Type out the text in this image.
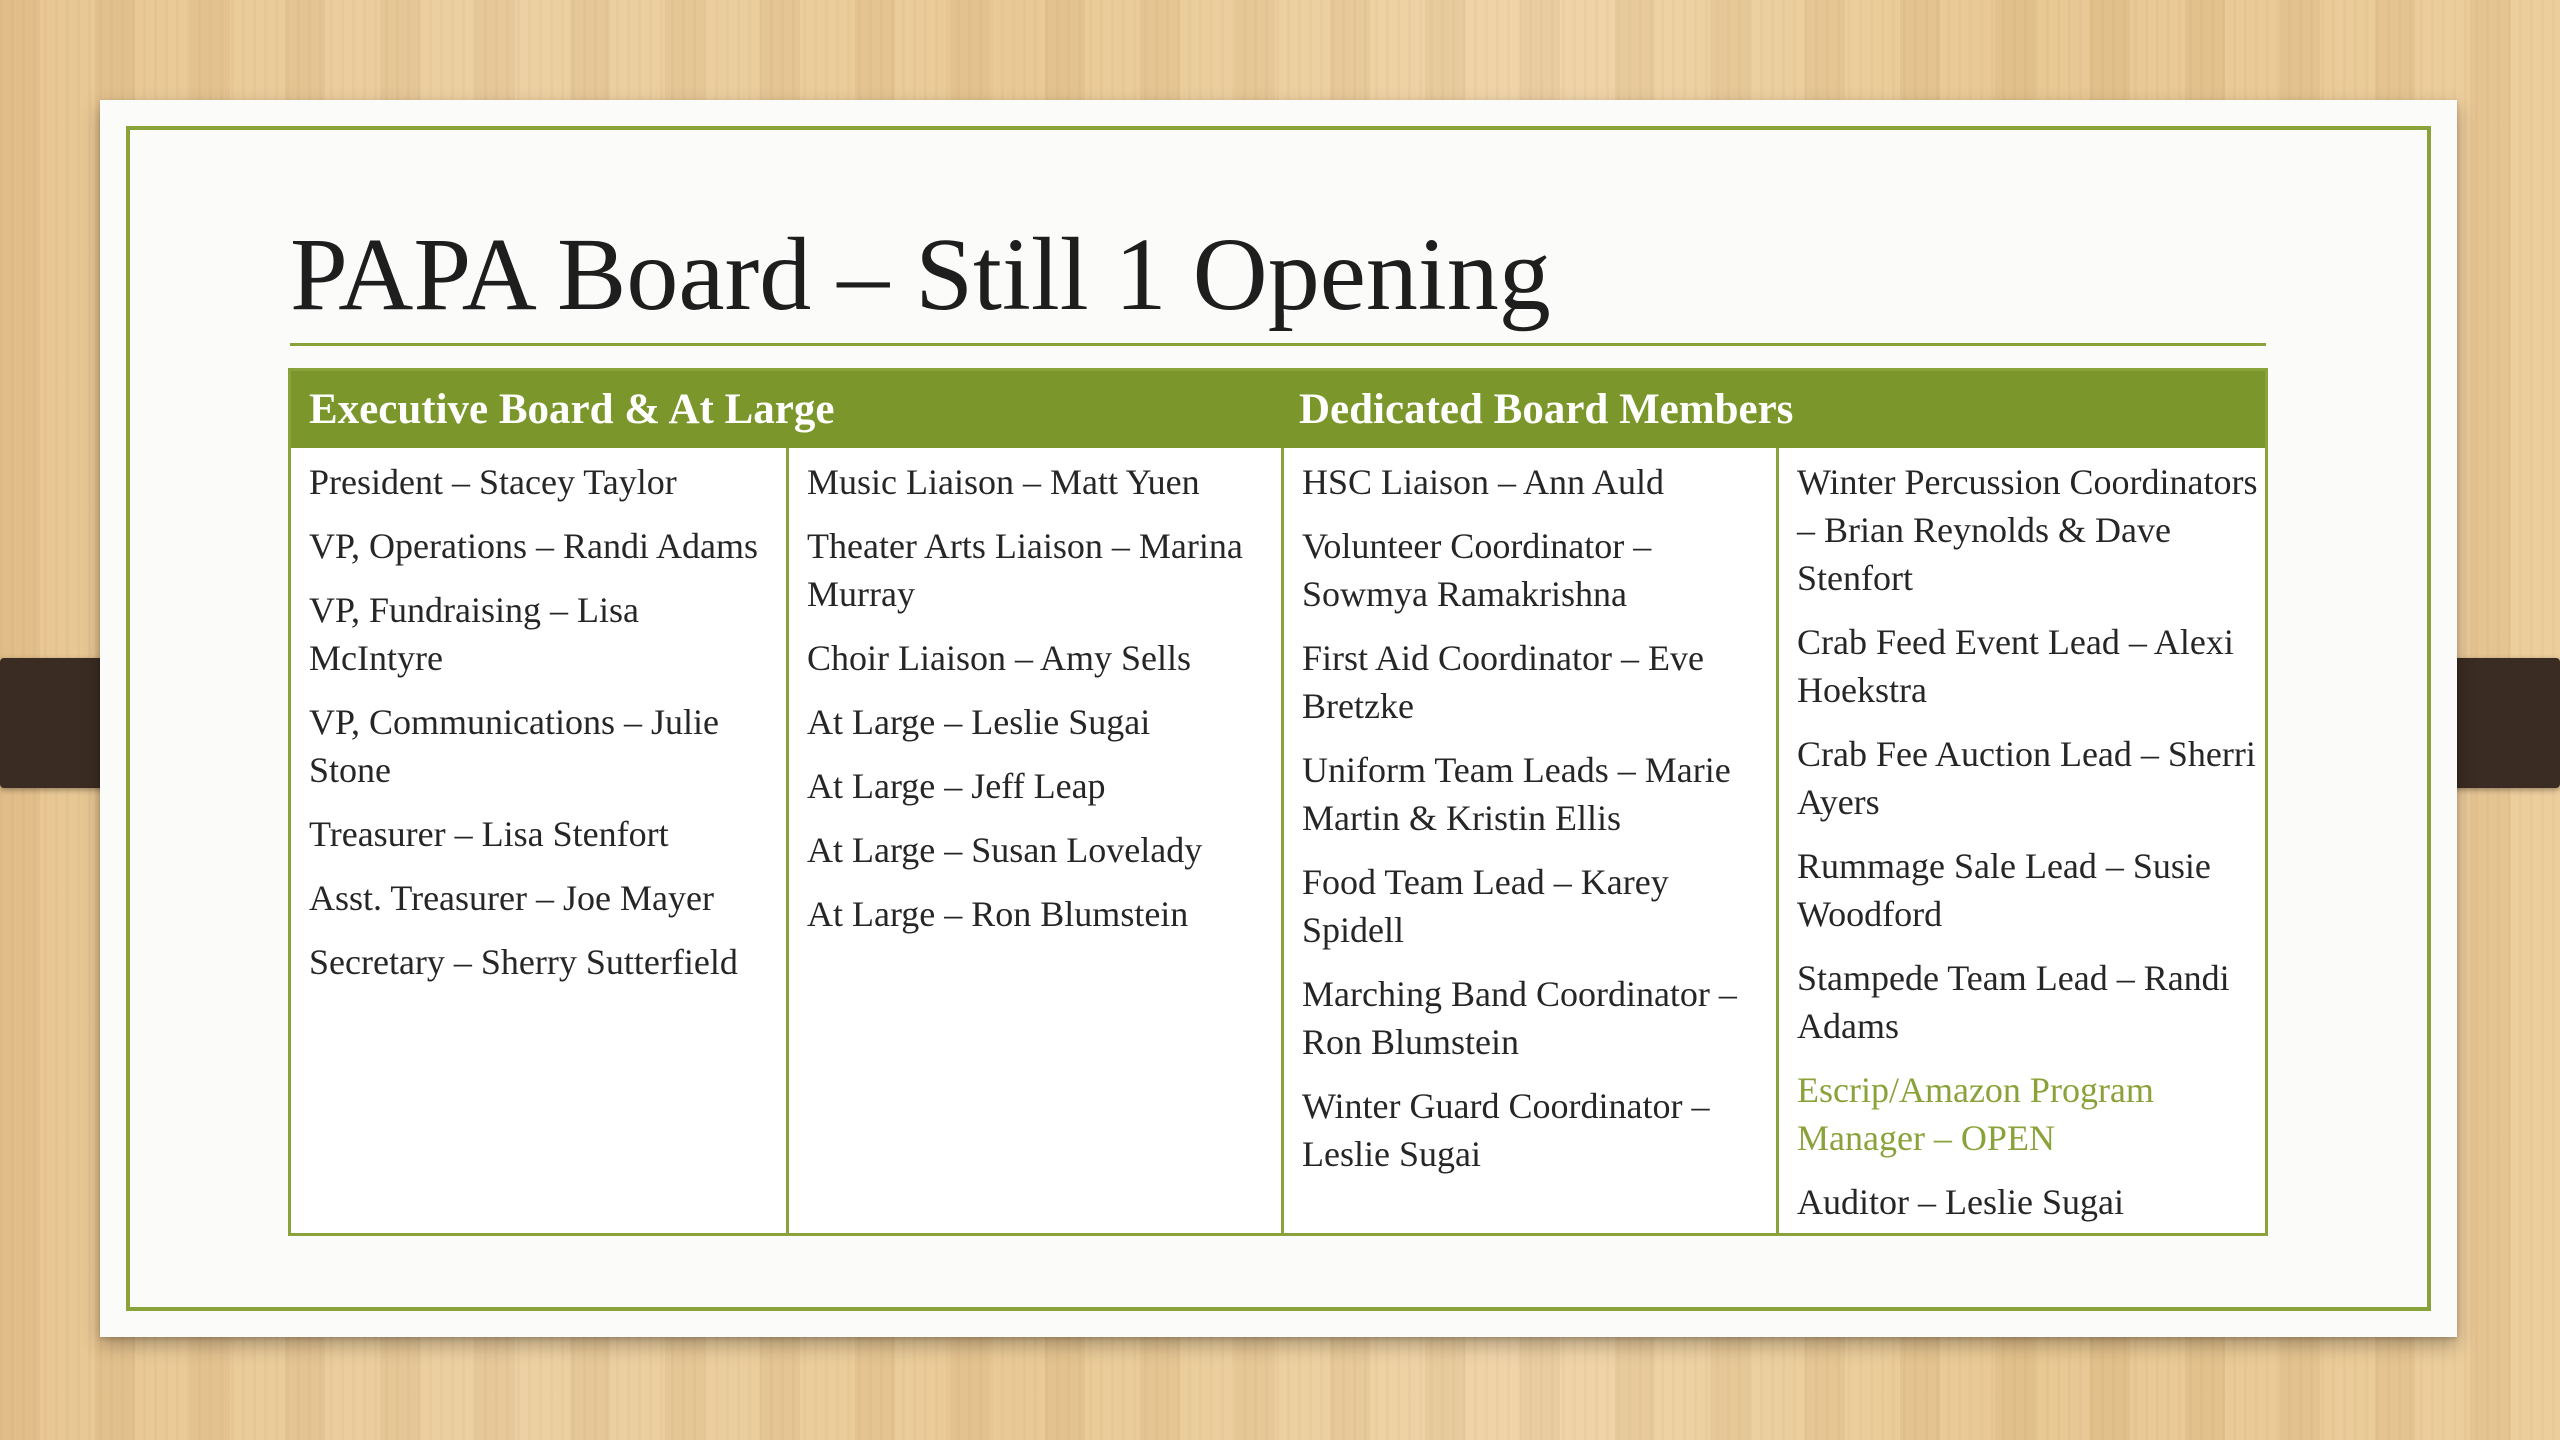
PAPA Board – Still 1 Opening
Executive Board & At Large	Dedicated Board Members

President – Stacey Taylor

VP, Operations – Randi Adams

VP, Fundraising – Lisa McIntyre

VP, Communications – Julie Stone

Treasurer – Lisa Stenfort

Asst. Treasurer – Joe Mayer

Secretary – Sherry Sutterfield

Music Liaison – Matt Yuen

Theater Arts Liaison – Marina Murray

Choir Liaison – Amy Sells

At Large – Leslie Sugai

At Large – Jeff Leap

At Large – Susan Lovelady

At Large – Ron Blumstein

HSC Liaison – Ann Auld

Volunteer Coordinator – Sowmya Ramakrishna

First Aid Coordinator – Eve Bretzke

Uniform Team Leads – Marie Martin & Kristin Ellis

Food Team Lead – Karey Spidell

Marching Band Coordinator – Ron Blumstein

Winter Guard Coordinator – Leslie Sugai

Winter Percussion Coordinators – Brian Reynolds & Dave Stenfort

Crab Feed Event Lead – Alexi Hoekstra

Crab Fee Auction Lead – Sherri Ayers

Rummage Sale Lead – Susie Woodford

Stampede Team Lead – Randi Adams

Escrip/Amazon Program Manager – OPEN

Auditor – Leslie Sugai
